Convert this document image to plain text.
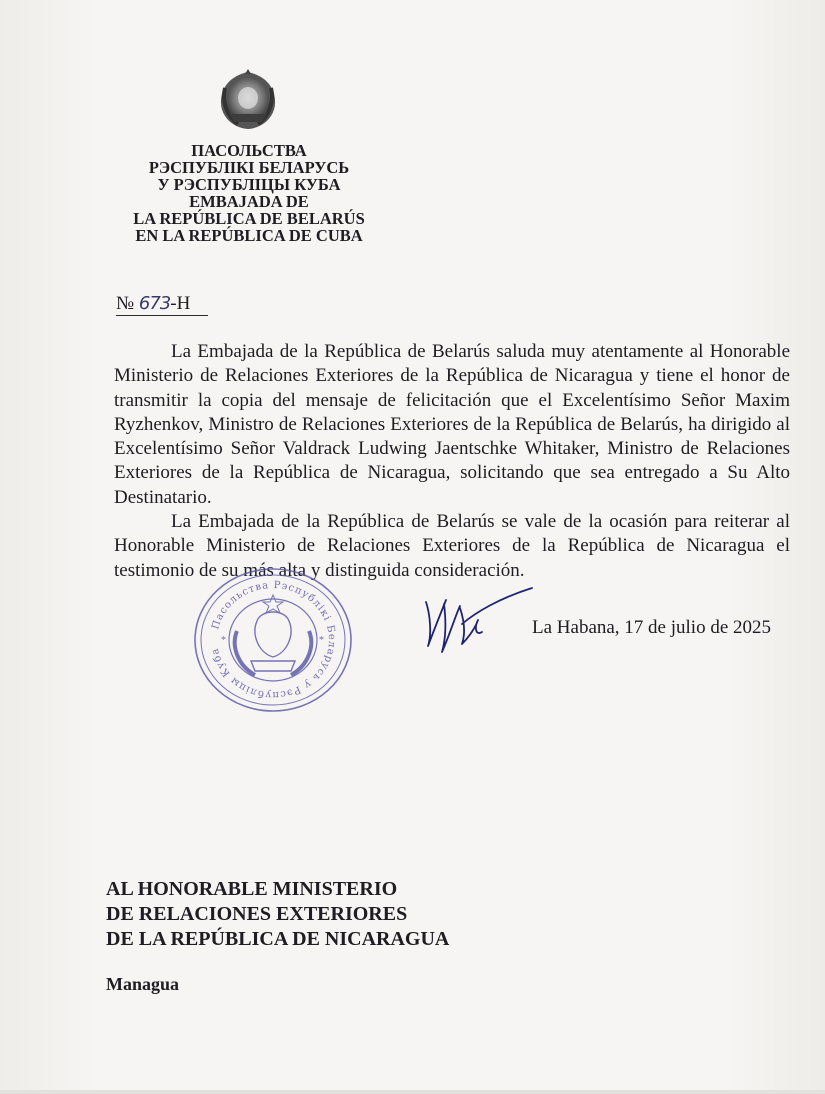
ПАСОЛЬСТВА
РЭСПУБЛІКІ БЕЛАРУСЬ
У РЭСПУБЛІЦЫ КУБА
EMBAJADA DE
LA REPÚBLICA DE BELARÚS
EN LA REPÚBLICA DE CUBA
№ 673-H

La Embajada de la República de Belarús saluda muy atentamente al Honorable Ministerio de Relaciones Exteriores de la República de Nicaragua y tiene el honor de transmitir la copia del mensaje de felicitación que el Excelentísimo Señor Maxim Ryzhenkov, Ministro de Relaciones Exteriores de la República de Belarús, ha dirigido al Excelentísimo Señor Valdrack Ludwing Jaentschke Whitaker, Ministro de Relaciones Exteriores de la República de Nicaragua, solicitando que sea entregado a Su Alto Destinatario.

La Embajada de la República de Belarús se vale de la ocasión para reiterar al Honorable Ministerio de Relaciones Exteriores de la República de Nicaragua el testimonio de su más alta y distinguida consideración.

Пасольства Рэспублікі Беларусь у Рэспубліцы Куба
*	*
La Habana, 17 de julio de 2025
AL HONORABLE MINISTERIO
DE RELACIONES EXTERIORES
DE LA REPÚBLICA DE NICARAGUA
Managua
